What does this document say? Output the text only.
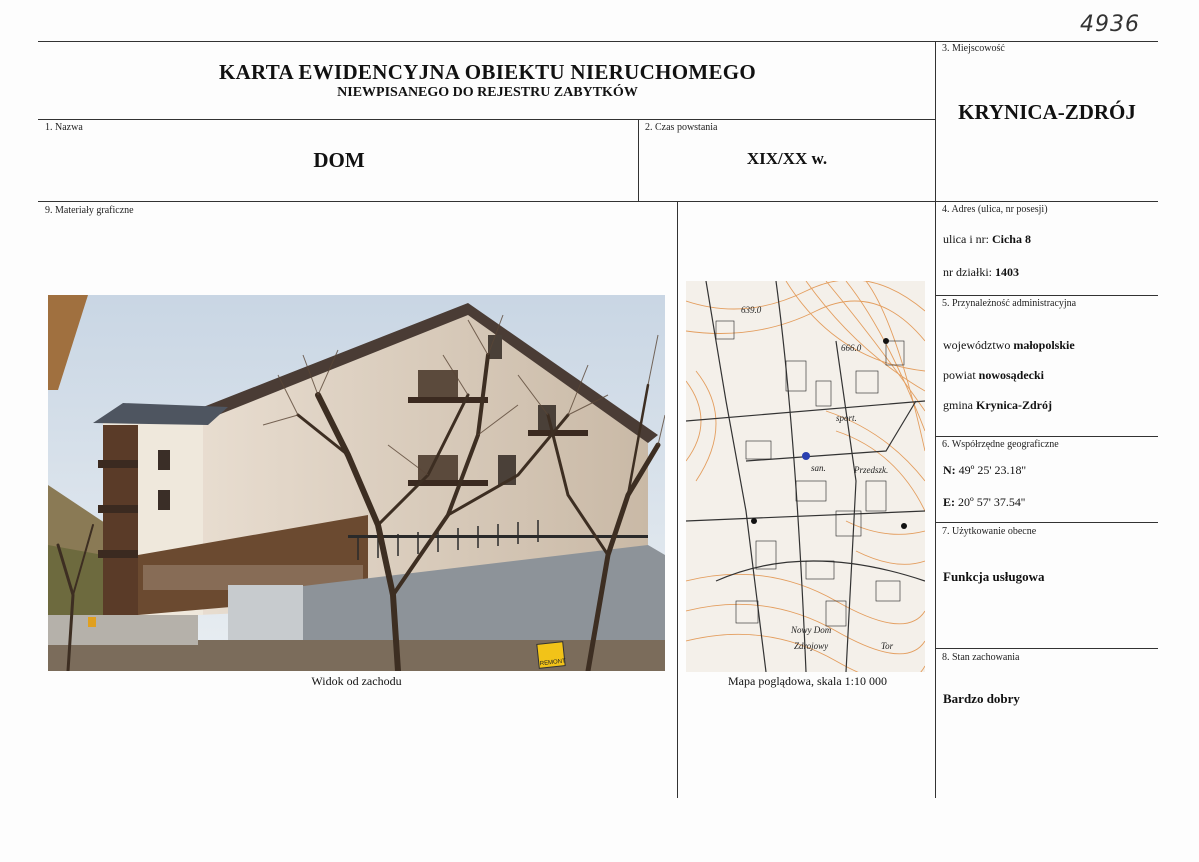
4936
KARTA EWIDENCYJNA OBIEKTU NIERUCHOMEGO
NIEWPISANEGO DO REJESTRU ZABYTKÓW
3. Miejscowość
KRYNICA-ZDRÓJ
1. Nazwa
DOM
2. Czas powstania
XIX/XX w.
9. Materiały graficzne
REMONT
Widok od zachodu
639.0
666.0
sport.
san.	Przedszk.
Nowy Dom
Zdrojowy	Tor
Mapa poglądowa, skala 1:10 000
4. Adres (ulica, nr posesji)
ulica i nr: Cicha 8
nr działki: 1403
5. Przynależność administracyjna
województwo małopolskie
powiat nowosądecki
gmina Krynica-Zdrój
6. Współrzędne geograficzne
N: 49º 25' 23.18''
E: 20º 57' 37.54''
7. Użytkowanie obecne
Funkcja usługowa
8. Stan zachowania
Bardzo dobry
